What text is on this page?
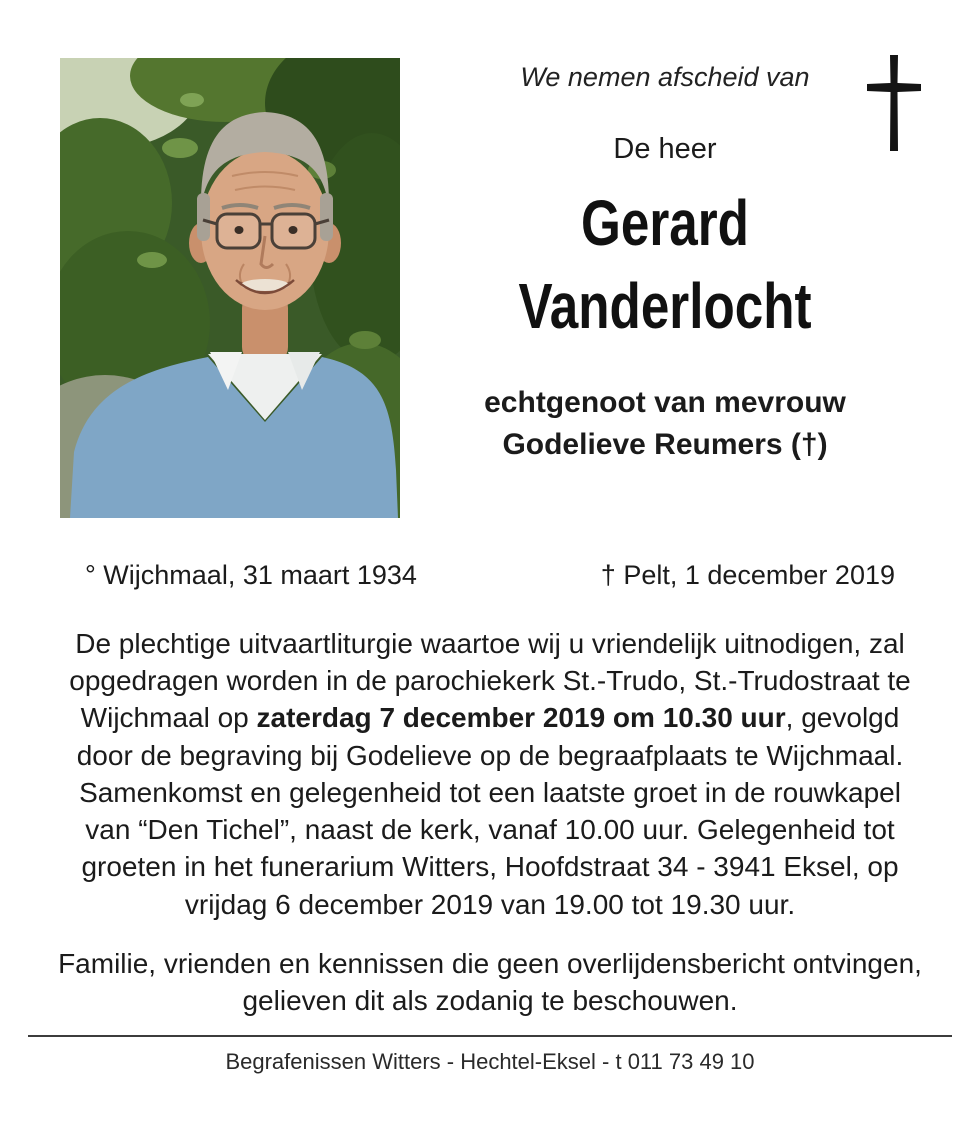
We nemen afscheid van
De heer
Gerard
Vanderlocht
echtgenoot van mevrouw
Godelieve Reumers (†)
° Wijchmaal, 31 maart 1934	† Pelt, 1 december 2019

De plechtige uitvaartliturgie waartoe wij u vriendelijk uitnodigen, zal opgedragen worden in de parochiekerk St.-Trudo, St.-Trudostraat te Wijchmaal op zaterdag 7 december 2019 om 10.30 uur, gevolgd door de begraving bij Godelieve op de begraafplaats te Wijchmaal. Samenkomst en gelegenheid tot een laatste groet in de rouwkapel van “Den Tichel”, naast de kerk, vanaf 10.00 uur. Gelegenheid tot groeten in het funerarium Witters, Hoofdstraat 34 - 3941 Eksel, op vrijdag 6 december 2019 van 19.00 tot 19.30 uur.

Familie, vrienden en kennissen die geen overlijdensbericht ontvingen, gelieven dit als zodanig te beschouwen.

Begrafenissen Witters - Hechtel-Eksel - t 011 73 49 10
